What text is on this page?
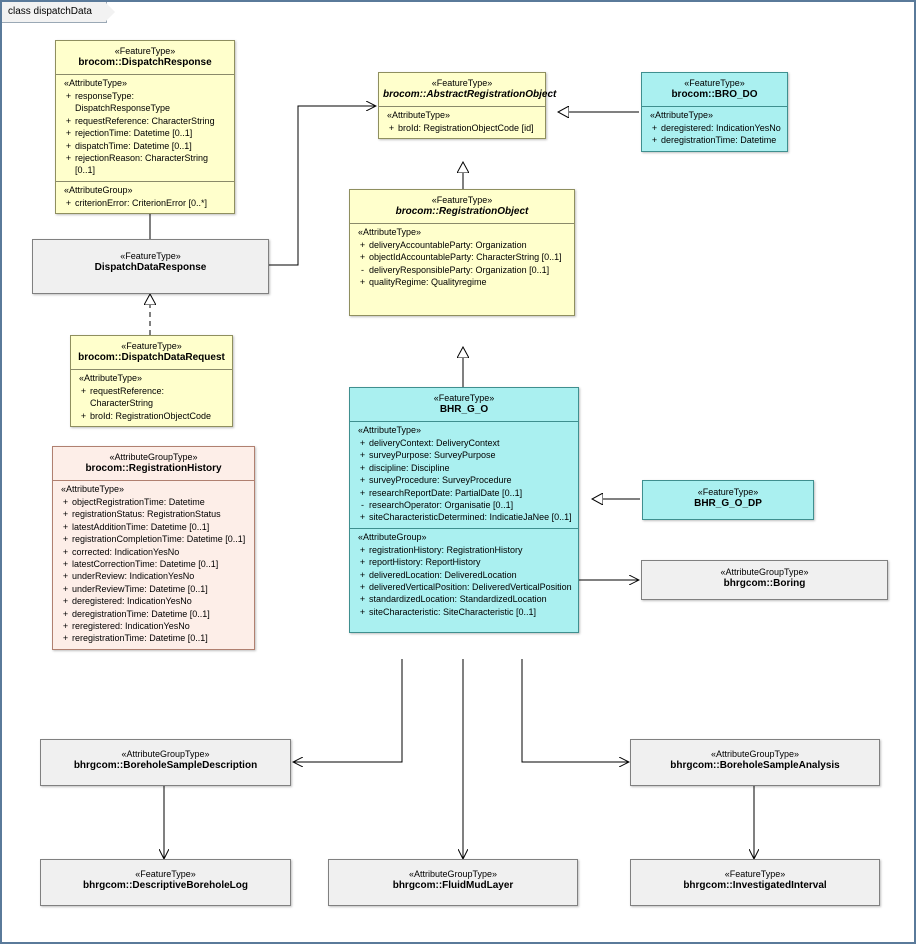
class dispatchData
«FeatureType»
brocom::DispatchResponse
«AttributeType»
+ responseType: DispatchResponseType
+ requestReference: CharacterString
+ rejectionTime: Datetime [0..1]
+ dispatchTime: Datetime [0..1]
+ rejectionReason: CharacterString [0..1]
«AttributeGroup»
+ criterionError: CriterionError [0..*]
«FeatureType»
DispatchDataResponse
«FeatureType»
brocom::DispatchDataRequest
«AttributeType»
+ requestReference: CharacterString
+ broId: RegistrationObjectCode
«AttributeGroupType»
brocom::RegistrationHistory
«AttributeType»
+ objectRegistrationTime: Datetime
+ registrationStatus: RegistrationStatus
+ latestAdditionTime: Datetime [0..1]
+ registrationCompletionTime: Datetime [0..1]
+ corrected: IndicationYesNo
+ latestCorrectionTime: Datetime [0..1]
+ underReview: IndicationYesNo
+ underReviewTime: Datetime [0..1]
+ deregistered: IndicationYesNo
+ deregistrationTime: Datetime [0..1]
+ reregistered: IndicationYesNo
+ reregistrationTime: Datetime [0..1]
«FeatureType»
brocom::AbstractRegistrationObject
«AttributeType»
+ broId: RegistrationObjectCode [id]
«FeatureType»
brocom::BRO_DO
«AttributeType»
+ deregistered: IndicationYesNo
+ deregistrationTime: Datetime
«FeatureType»
brocom::RegistrationObject
«AttributeType»
+ deliveryAccountableParty: Organization
+ objectIdAccountableParty: CharacterString [0..1]
- deliveryResponsibleParty: Organization [0..1]
+ qualityRegime: Qualityregime
«FeatureType»
BHR_G_O
«AttributeType»
+ deliveryContext: DeliveryContext
+ surveyPurpose: SurveyPurpose
+ discipline: Discipline
+ surveyProcedure: SurveyProcedure
+ researchReportDate: PartialDate [0..1]
- researchOperator: Organisatie [0..1]
+ siteCharacteristicDetermined: IndicatieJaNee [0..1]
«AttributeGroup»
+ registrationHistory: RegistrationHistory
+ reportHistory: ReportHistory
+ deliveredLocation: DeliveredLocation
+ deliveredVerticalPosition: DeliveredVerticalPosition
+ standardizedLocation: StandardizedLocation
+ siteCharacteristic: SiteCharacteristic [0..1]
«FeatureType»
BHR_G_O_DP
«AttributeGroupType»
bhrgcom::Boring
«AttributeGroupType»
bhrgcom::BoreholeSampleDescription
«AttributeGroupType»
bhrgcom::BoreholeSampleAnalysis
«FeatureType»
bhrgcom::DescriptiveBoreholeLog
«AttributeGroupType»
bhrgcom::FluidMudLayer
«FeatureType»
bhrgcom::InvestigatedInterval
